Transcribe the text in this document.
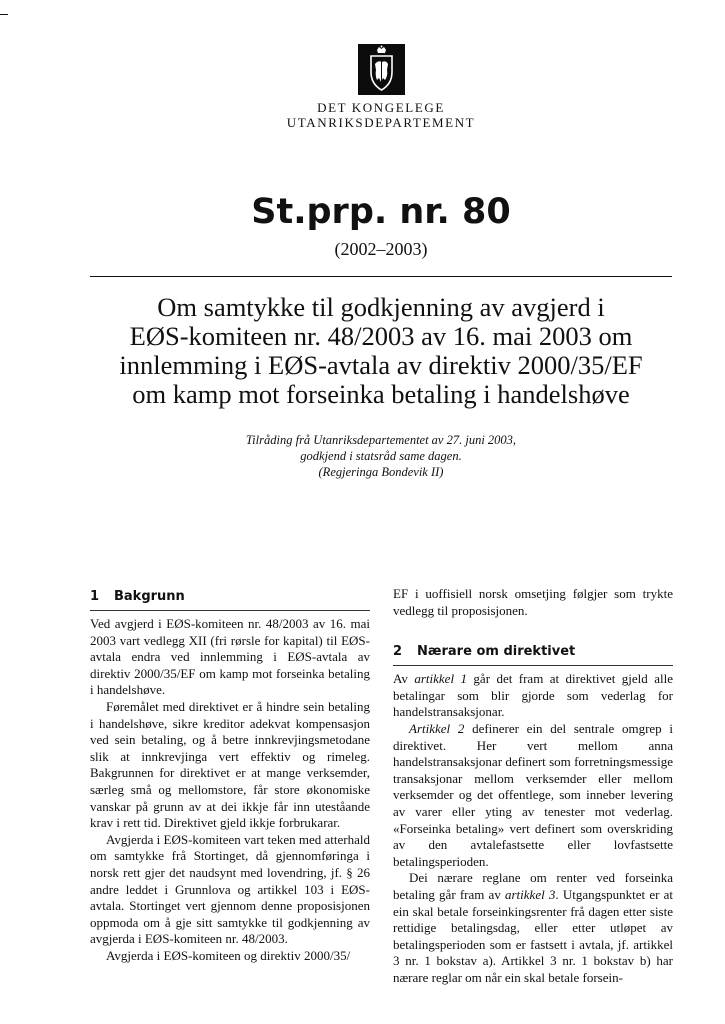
DET KONGELEGE
UTANRIKSDEPARTEMENT
St.prp. nr. 80
(2002–2003)
Om samtykke til godkjenning av avgjerd i
EØS-komiteen nr. 48/2003 av 16. mai 2003 om
innlemming i EØS-avtala av direktiv 2000/35/EF
om kamp mot forseinka betaling i handelshøve
Tilråding frå Utanriksdepartementet av 27. juni 2003,
godkjend i statsråd same dagen.
(Regjeringa Bondevik II)
1 Bakgrunn

Ved avgjerd i EØS-komiteen nr. 48/2003 av 16. mai 2003 vart vedlegg XII (fri rørsle for kapital) til EØS-avtala endra ved innlemming i EØS-avtala av direktiv 2000/35/EF om kamp mot forseinka betaling i handelshøve.

Føremålet med direktivet er å hindre sein betaling i handelshøve, sikre kreditor adekvat kompensasjon ved sein betaling, og å betre innkrevjingsmetodane slik at innkrevjinga vert effektiv og rimeleg. Bakgrunnen for direktivet er at mange verksemder, særleg små og mellomstore, får store økonomiske vanskar på grunn av at dei ikkje får inn uteståande krav i rett tid. Direktivet gjeld ikkje forbrukarar.

Avgjerda i EØS-komiteen vart teken med atterhald om samtykke frå Stortinget, då gjennomføringa i norsk rett gjer det naudsynt med lovendring, jf. § 26 andre leddet i Grunnlova og artikkel 103 i EØS-avtala. Stortinget vert gjennom denne proposisjonen oppmoda om å gje sitt samtykke til godkjenning av avgjerda i EØS-komiteen nr. 48/2003.

Avgjerda i EØS-komiteen og direktiv 2000/35/

EF i uoffisiell norsk omsetjing følgjer som trykte vedlegg til proposisjonen.

2 Nærare om direktivet

Av artikkel 1 går det fram at direktivet gjeld alle betalingar som blir gjorde som vederlag for handelstransaksjonar.

Artikkel 2 definerer ein del sentrale omgrep i direktivet. Her vert mellom anna handelstransaksjonar definert som forretningsmessige transaksjonar mellom verksemder eller mellom verksemder og det offentlege, som inneber levering av varer eller yting av tenester mot vederlag. «Forseinka betaling» vert definert som overskriding av den avtalefastsette eller lovfastsette betalingsperioden.

Dei nærare reglane om renter ved forseinka betaling går fram av artikkel 3. Utgangspunktet er at ein skal betale forseinkingsrenter frå dagen etter siste rettidige betalingsdag, eller etter utløpet av betalingsperioden som er fastsett i avtala, jf. artikkel 3 nr. 1 bokstav a). Artikkel 3 nr. 1 bokstav b) har nærare reglar om når ein skal betale forsein-
